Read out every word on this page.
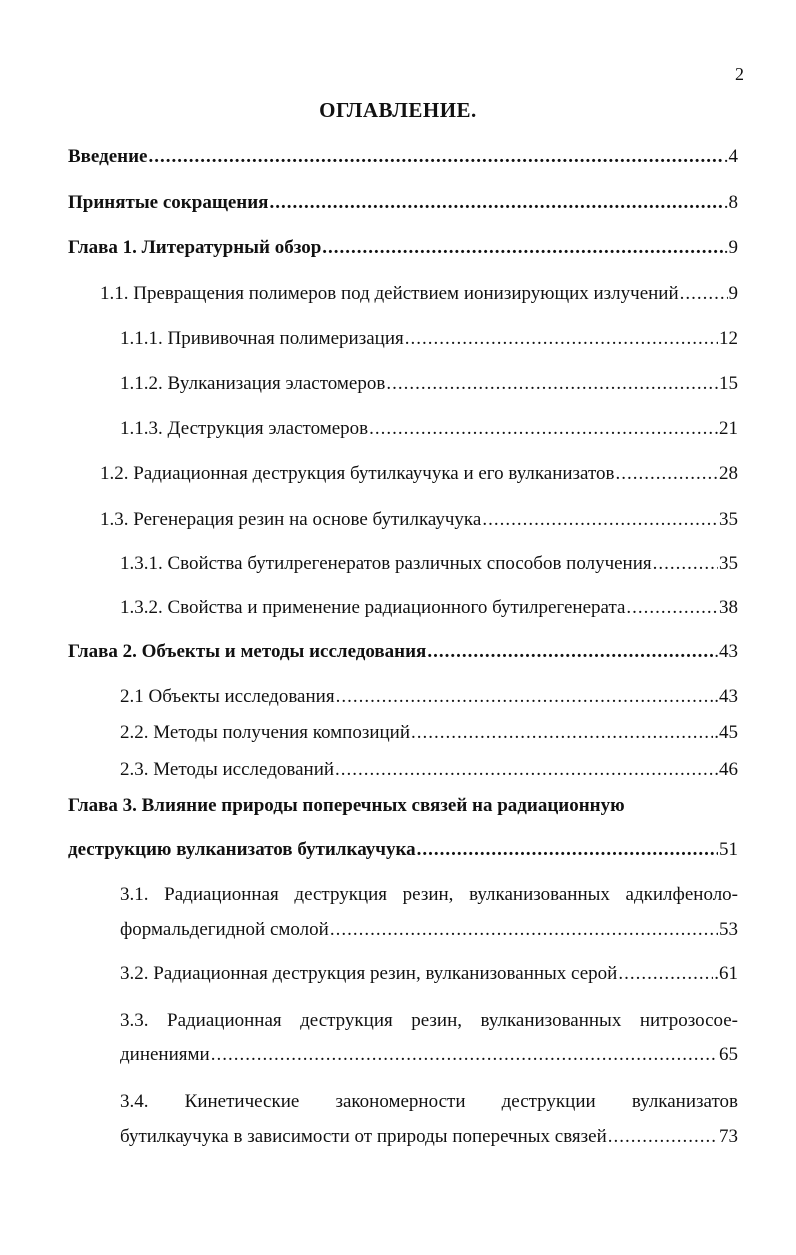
2
ОГЛАВЛЕНИЕ.
Введение .....	.4
Принятые сокращения .....	.8
Глава 1. Литературный обзор .....	.9
1.1. Превращения полимеров под действием ионизирующих излучений .....	9
1.1.1. Прививочная полимеризация .....	12
1.1.2. Вулканизация эластомеров .....	15
1.1.3. Деструкция эластомеров .....	21
1.2. Радиационная деструкция бутилкаучука и его вулканизатов .....	28
1.3. Регенерация резин на основе бутилкаучука .....	35
1.3.1. Свойства бутилрегенератов различных способов получения .....	35
1.3.2. Свойства и применение радиационного бутилрегенерата .....	38
Глава 2. Объекты и методы исследования .....	.43
2.1 Объекты исследования .....	.43
2.2. Методы получения композиций .....	.45
2.3. Методы исследований .....	.46
Глава 3. Влияние природы поперечных связей на радиационную
деструкцию вулканизатов бутилкаучука .....	51
3.1. Радиационная деструкция резин, вулканизованных адкилфеноло-
формальдегидной смолой .....	53
3.2. Радиационная деструкция резин, вулканизованных серой .....	.61
3.3. Радиационная деструкция резин, вулканизованных нитрозосое-
динениями .....	65
3.4. Кинетические закономерности деструкции вулканизатов
бутилкаучука в зависимости от природы поперечных связей .....	73
